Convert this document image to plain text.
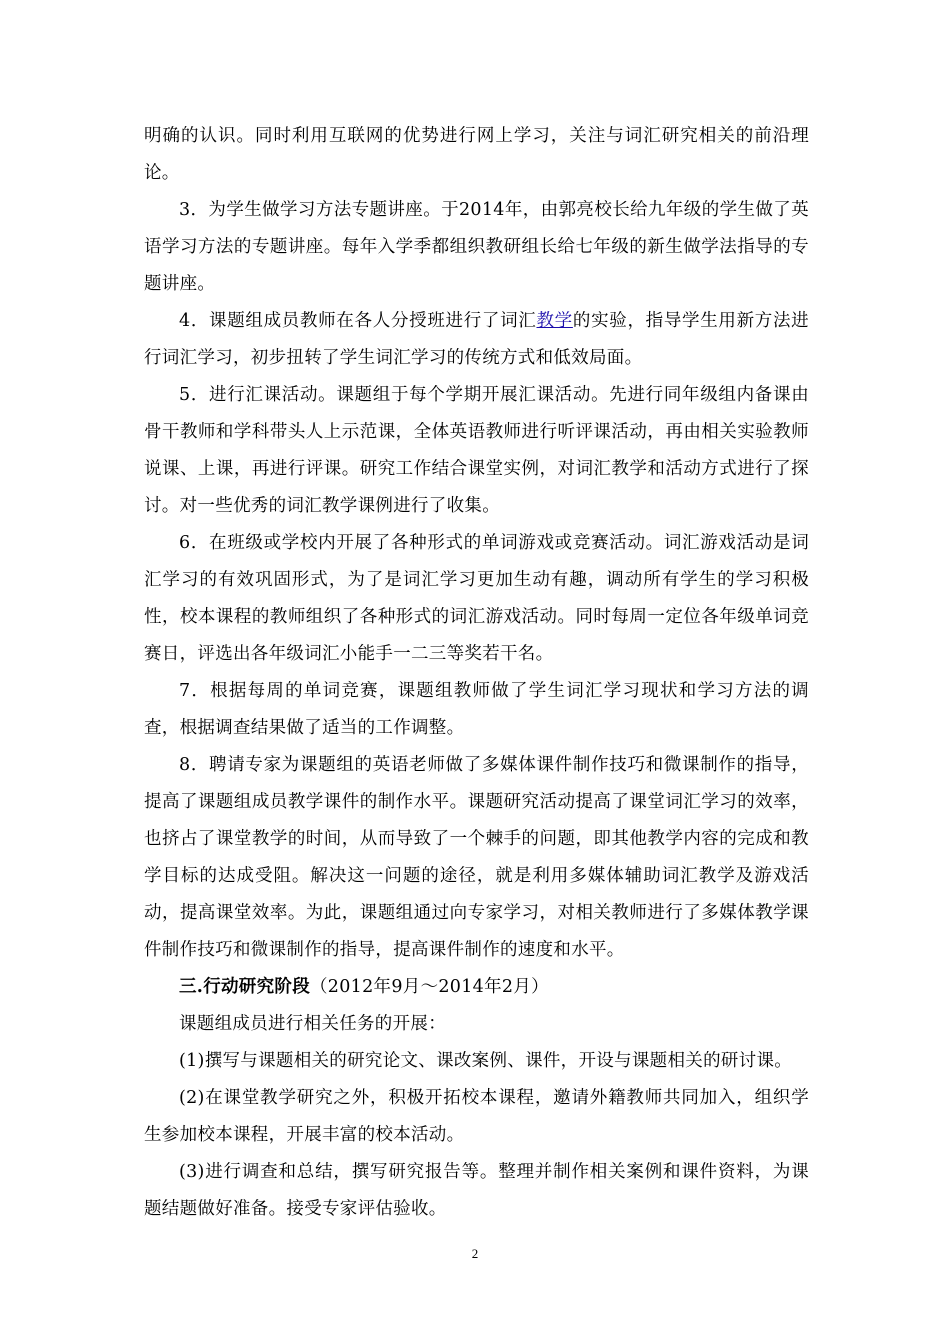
明确的认识。同时利用互联网的优势进行网上学习，关注与词汇研究相关的前沿理论。

3．为学生做学习方法专题讲座。于2014年，由郭亮校长给九年级的学生做了英语学习方法的专题讲座。每年入学季都组织教研组长给七年级的新生做学法指导的专题讲座。

4．课题组成员教师在各人分授班进行了词汇教学的实验，指导学生用新方法进行词汇学习，初步扭转了学生词汇学习的传统方式和低效局面。

5．进行汇课活动。课题组于每个学期开展汇课活动。先进行同年级组内备课由骨干教师和学科带头人上示范课，全体英语教师进行听评课活动，再由相关实验教师说课、上课，再进行评课。研究工作结合课堂实例，对词汇教学和活动方式进行了探讨。对一些优秀的词汇教学课例进行了收集。

6．在班级或学校内开展了各种形式的单词游戏或竞赛活动。词汇游戏活动是词汇学习的有效巩固形式，为了是词汇学习更加生动有趣，调动所有学生的学习积极性，校本课程的教师组织了各种形式的词汇游戏活动。同时每周一定位各年级单词竞赛日，评选出各年级词汇小能手一二三等奖若干名。

7．根据每周的单词竞赛，课题组教师做了学生词汇学习现状和学习方法的调查，根据调查结果做了适当的工作调整。

8．聘请专家为课题组的英语老师做了多媒体课件制作技巧和微课制作的指导，提高了课题组成员教学课件的制作水平。课题研究活动提高了课堂词汇学习的效率，也挤占了课堂教学的时间，从而导致了一个棘手的问题，即其他教学内容的完成和教学目标的达成受阻。解决这一问题的途径，就是利用多媒体辅助词汇教学及游戏活动，提高课堂效率。为此，课题组通过向专家学习，对相关教师进行了多媒体教学课件制作技巧和微课制作的指导，提高课件制作的速度和水平。

三.行动研究阶段（2012年9月～2014年2月）

课题组成员进行相关任务的开展：

(1)撰写与课题相关的研究论文、课改案例、课件，开设与课题相关的研讨课。

(2)在课堂教学研究之外，积极开拓校本课程，邀请外籍教师共同加入，组织学生参加校本课程，开展丰富的校本活动。

(3)进行调查和总结，撰写研究报告等。整理并制作相关案例和课件资料，为课题结题做好准备。接受专家评估验收。

2
